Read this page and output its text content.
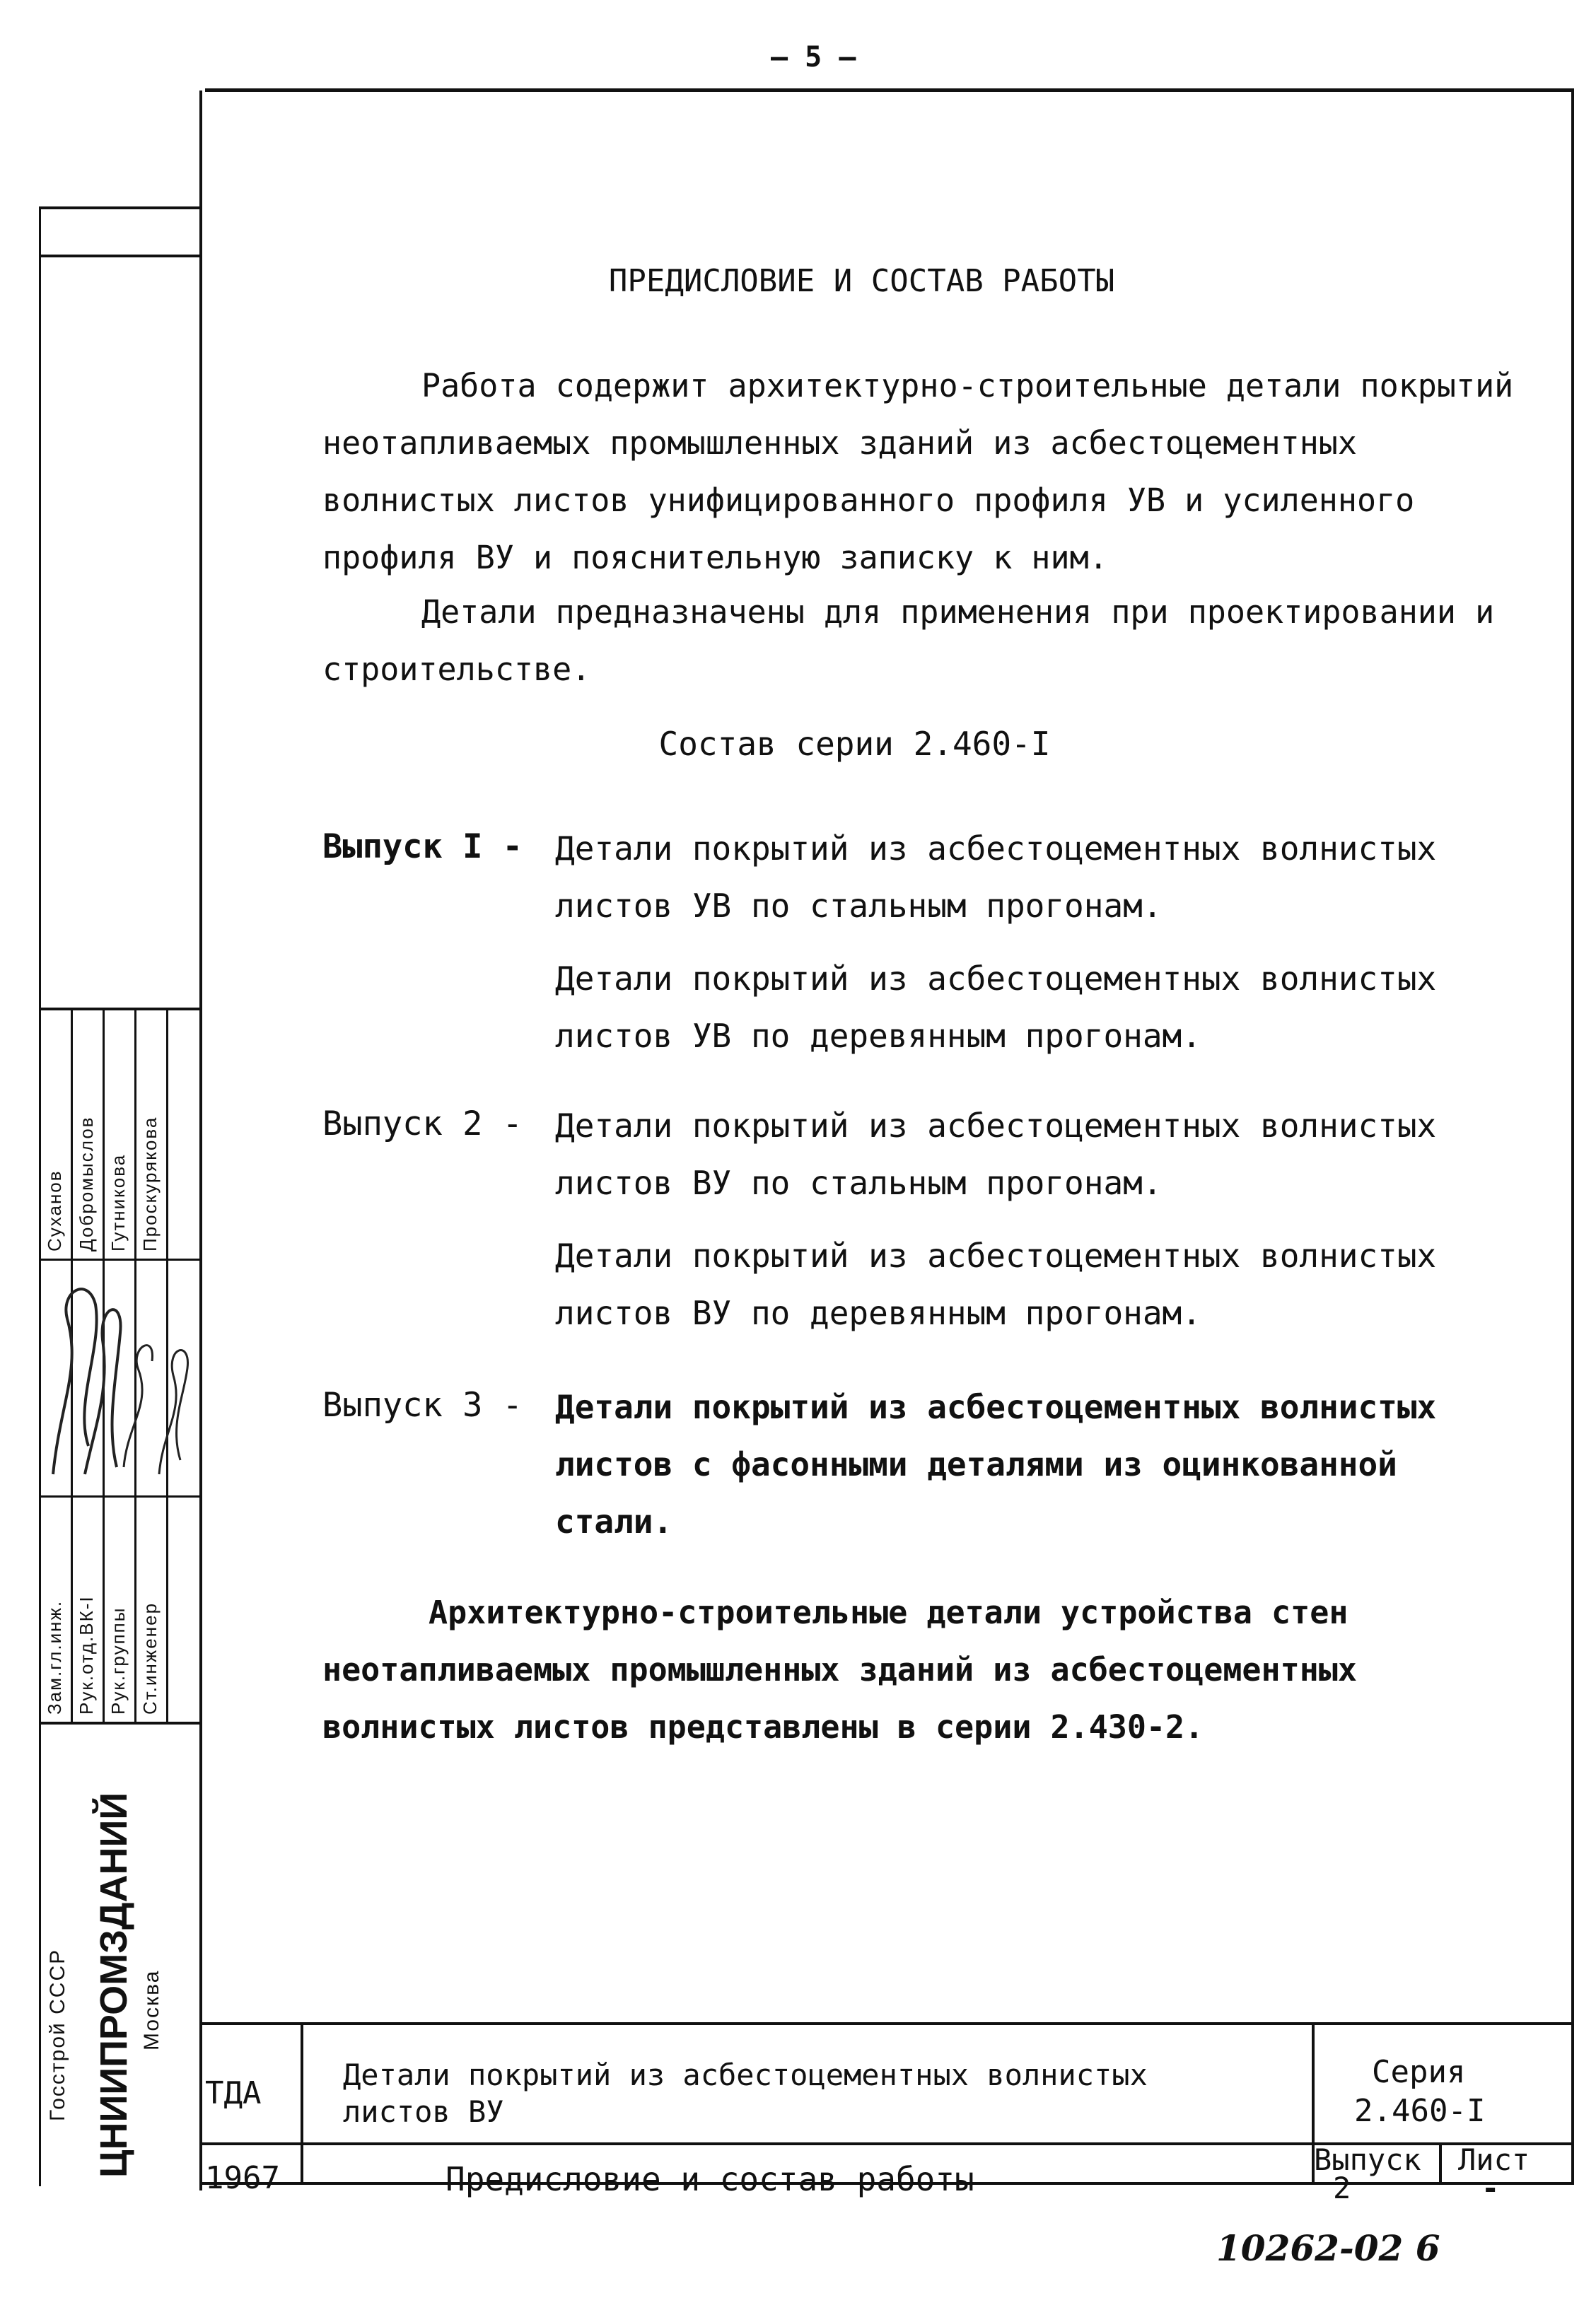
— 5 —
ПРЕДИСЛОВИЕ И СОСТАВ РАБОТЫ
Работа содержит архитектурно-строительные детали покрытий неотапливаемых промышленных зданий из асбестоцементных волнистых листов унифицированного профиля УВ и усиленного профиля ВУ и пояснительную записку к ним.
Детали предназначены для применения при проектировании и строительстве.
Состав серии 2.460-I
Выпуск I - Детали покрытий из асбестоцементных волнистых листов УВ по стальным прогонам.

Детали покрытий из асбестоцементных волнистых листов УВ по деревянным прогонам.

Выпуск 2 - Детали покрытий из асбестоцементных волнистых листов ВУ по стальным прогонам.

Детали покрытий из асбестоцементных волнистых листов ВУ по деревянным прогонам.

Выпуск 3 - Детали покрытий из асбестоцементных волнистых листов с фасонными деталями из оцинкованной стали.

Архитектурно-строительные детали устройства стен неотапливаемых промышленных зданий из асбестоцементных волнистых листов представлены в серии 2.430-2.
Суханов Добромыслов Гутникова Проскурякова
Зам.гл.инж. Рук.отд.ВК-I Рук.группы Ст.инженер
Госстрой СССР ЦНИИПРОМЗДАНИЙ Москва
ТДА
1967
Детали покрытий из асбестоцементных волнистых
листов ВУ
Предисловие и состав работы
Серия
2.460-I
Выпуск
2
Лист
-
10262-02 6
